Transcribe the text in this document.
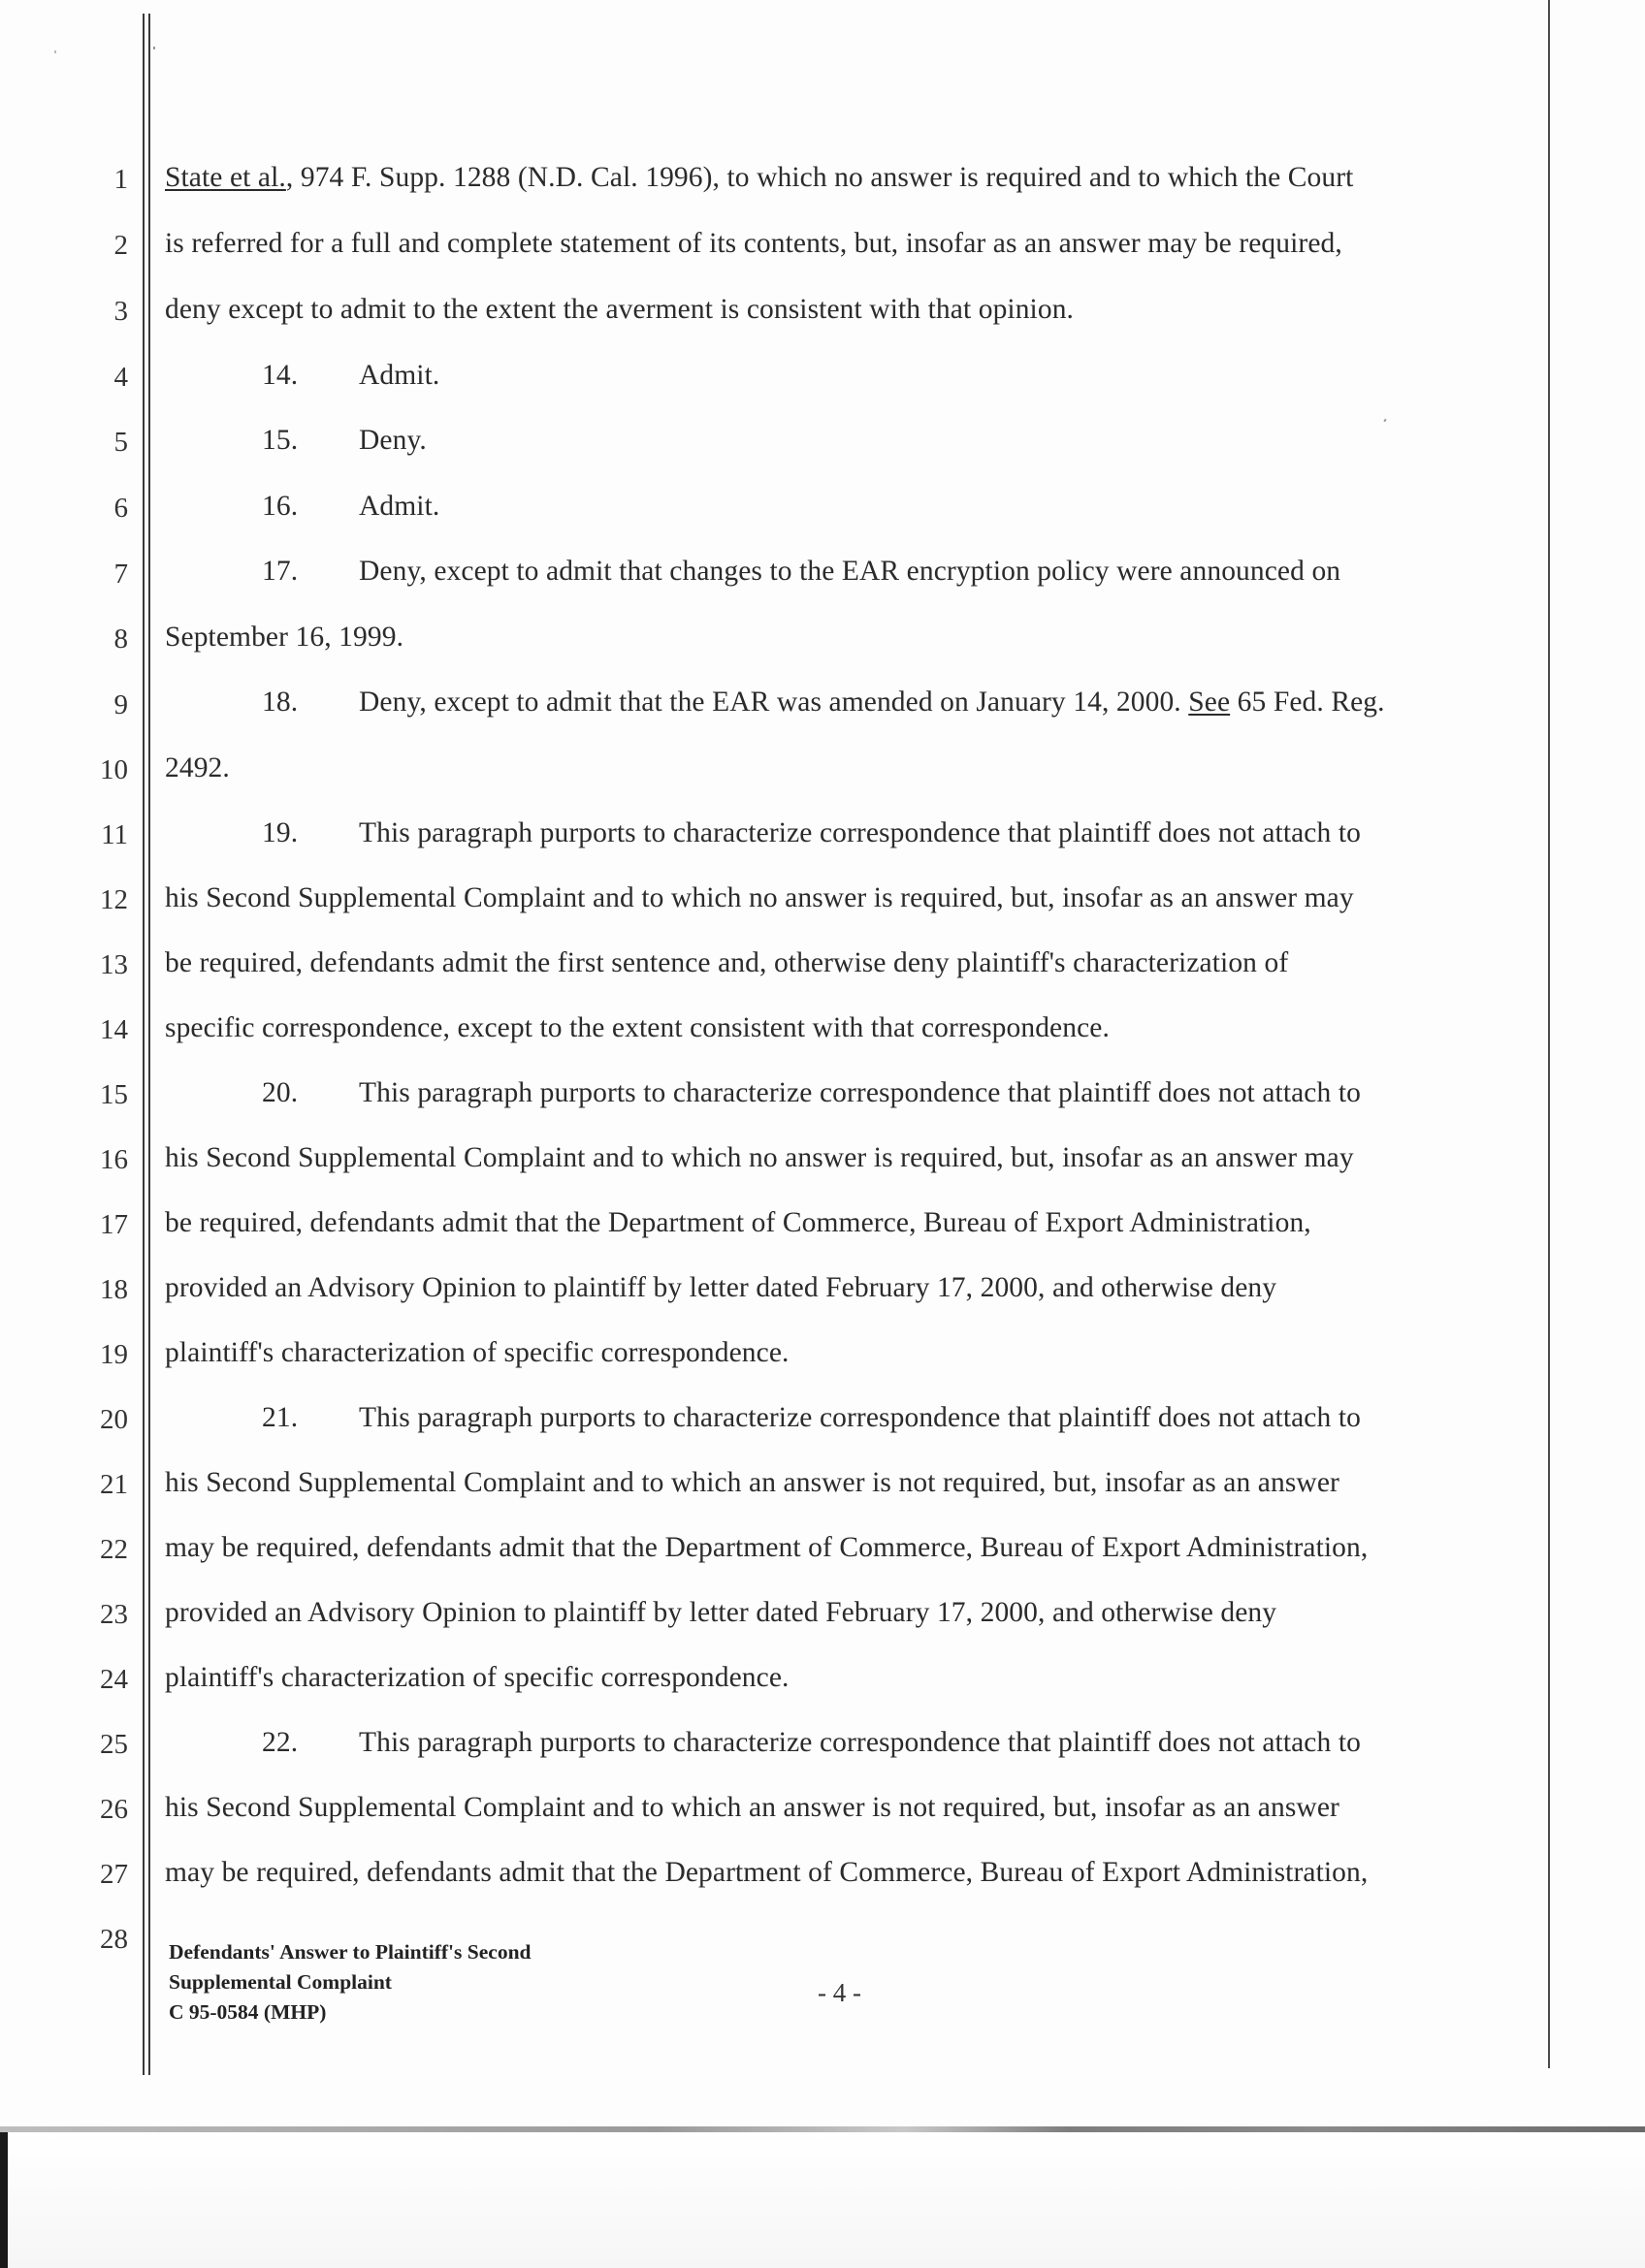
1
2
3
4
5
6
7
8
9
10
11
12
13
14
15
16
17
18
19
20
21
22
23
24
25
26
27
28
State et al., 974 F. Supp. 1288 (N.D. Cal. 1996), to which no answer is required and to which the Court
is referred for a full and complete statement of its contents, but, insofar as an answer may be required,
deny except to admit to the extent the averment is consistent with that opinion.
14. Admit.
15. Deny.
16. Admit.
17. Deny, except to admit that changes to the EAR encryption policy were announced on
September 16, 1999.
18. Deny, except to admit that the EAR was amended on January 14, 2000. See 65 Fed. Reg.
2492.
19. This paragraph purports to characterize correspondence that plaintiff does not attach to
his Second Supplemental Complaint and to which no answer is required, but, insofar as an answer may
be required, defendants admit the first sentence and, otherwise deny plaintiff's characterization of
specific correspondence, except to the extent consistent with that correspondence.
20. This paragraph purports to characterize correspondence that plaintiff does not attach to
his Second Supplemental Complaint and to which no answer is required, but, insofar as an answer may
be required, defendants admit that the Department of Commerce, Bureau of Export Administration,
provided an Advisory Opinion to plaintiff by letter dated February 17, 2000, and otherwise deny
plaintiff's characterization of specific correspondence.
21. This paragraph purports to characterize correspondence that plaintiff does not attach to
his Second Supplemental Complaint and to which an answer is not required, but, insofar as an answer
may be required, defendants admit that the Department of Commerce, Bureau of Export Administration,
provided an Advisory Opinion to plaintiff by letter dated February 17, 2000, and otherwise deny
plaintiff's characterization of specific correspondence.
22. This paragraph purports to characterize correspondence that plaintiff does not attach to
his Second Supplemental Complaint and to which an answer is not required, but, insofar as an answer
may be required, defendants admit that the Department of Commerce, Bureau of Export Administration,
Defendants' Answer to Plaintiff's Second
Supplemental Complaint
C 95-0584 (MHP)
- 4 -
